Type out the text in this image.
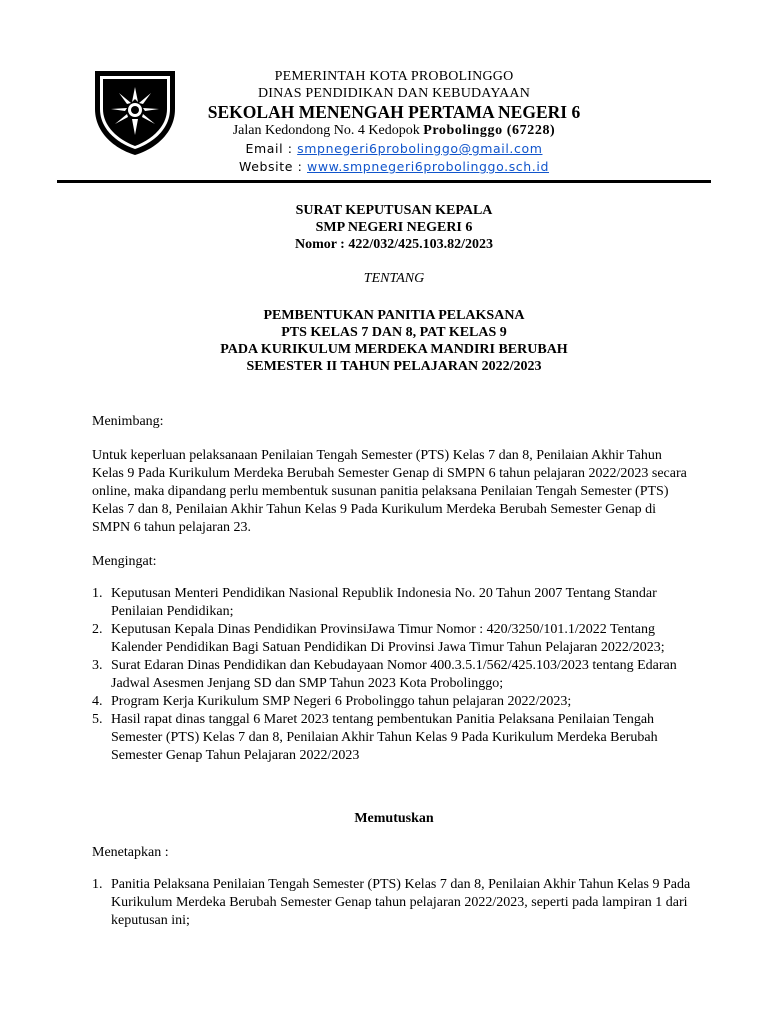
PEMERINTAH KOTA PROBOLINGGO
DINAS PENDIDIKAN DAN KEBUDAYAAN
SEKOLAH MENENGAH PERTAMA NEGERI 6
Jalan Kedondong No. 4 Kedopok Probolinggo (67228)
Email : smpnegeri6probolinggo@gmail.com
Website : www.smpnegeri6probolinggo.sch.id
SURAT KEPUTUSAN KEPALA
SMP NEGERI NEGERI 6
Nomor : 422/032/425.103.82/2023
TENTANG
PEMBENTUKAN PANITIA PELAKSANA
PTS KELAS 7 DAN 8, PAT KELAS 9
PADA KURIKULUM MERDEKA MANDIRI BERUBAH
SEMESTER II TAHUN PELAJARAN 2022/2023

Menimbang:

Untuk keperluan pelaksanaan Penilaian Tengah Semester (PTS) Kelas 7 dan 8, Penilaian Akhir Tahun Kelas 9 Pada Kurikulum Merdeka Berubah Semester Genap di SMPN 6 tahun pelajaran 2022/2023 secara online, maka dipandang perlu membentuk susunan panitia pelaksana Penilaian Tengah Semester (PTS) Kelas 7 dan 8, Penilaian Akhir Tahun Kelas 9 Pada Kurikulum Merdeka Berubah Semester Genap di SMPN 6 tahun pelajaran 23.

Mengingat:

1. Keputusan Menteri Pendidikan Nasional Republik Indonesia No. 20 Tahun 2007 Tentang Standar Penilaian Pendidikan;
2. Keputusan Kepala Dinas Pendidikan ProvinsiJawa Timur Nomor : 420/3250/101.1/2022 Tentang Kalender Pendidikan Bagi Satuan Pendidikan Di Provinsi Jawa Timur Tahun Pelajaran 2022/2023;
3. Surat Edaran Dinas Pendidikan dan Kebudayaan Nomor 400.3.5.1/562/425.103/2023 tentang Edaran Jadwal Asesmen Jenjang SD dan SMP Tahun 2023 Kota Probolinggo;
4. Program Kerja Kurikulum SMP Negeri 6 Probolinggo tahun pelajaran 2022/2023;
5. Hasil rapat dinas tanggal 6 Maret 2023 tentang pembentukan Panitia Pelaksana Penilaian Tengah Semester (PTS) Kelas 7 dan 8, Penilaian Akhir Tahun Kelas 9 Pada Kurikulum Merdeka Berubah Semester Genap Tahun Pelajaran 2022/2023
Memutuskan

Menetapkan :

1. Panitia Pelaksana Penilaian Tengah Semester (PTS) Kelas 7 dan 8, Penilaian Akhir Tahun Kelas 9 Pada Kurikulum Merdeka Berubah Semester Genap tahun pelajaran 2022/2023, seperti pada lampiran 1 dari keputusan ini;
